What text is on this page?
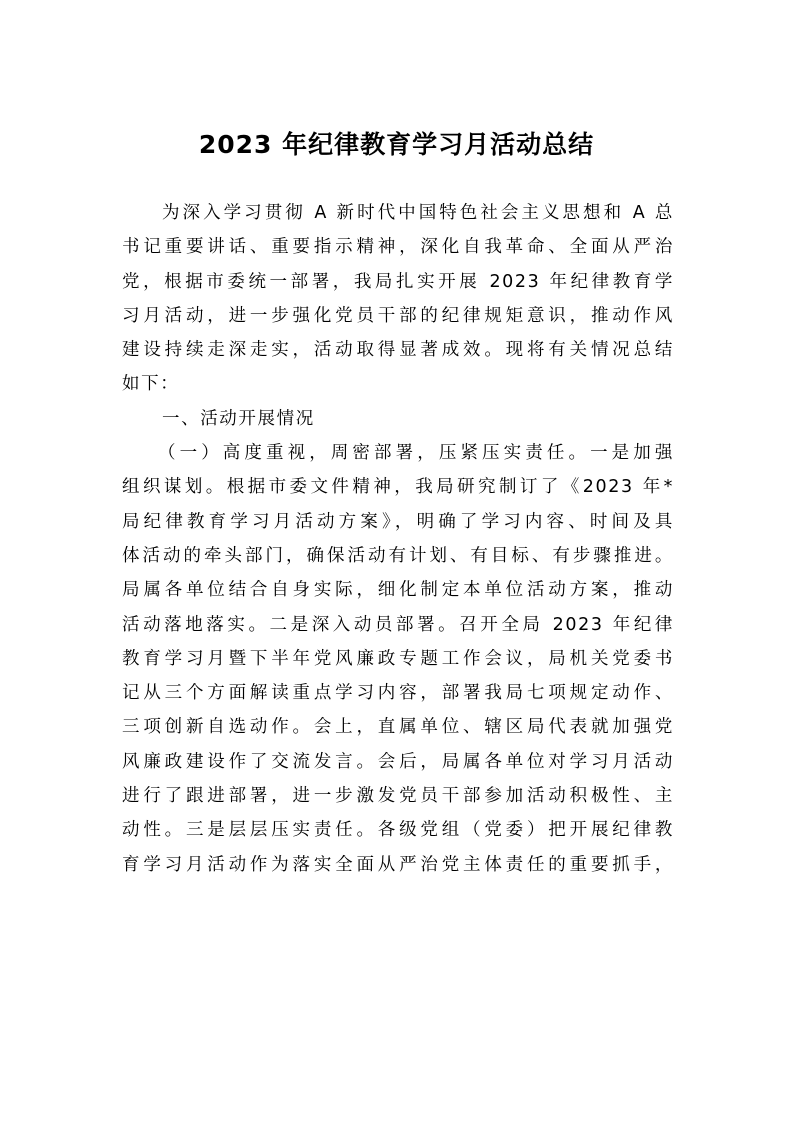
2023 年纪律教育学习月活动总结
为深入学习贯彻 A 新时代中国特色社会主义思想和 A 总
书记重要讲话、重要指示精神，深化自我革命、全面从严治
党，根据市委统一部署，我局扎实开展 2023 年纪律教育学
习月活动，进一步强化党员干部的纪律规矩意识，推动作风
建设持续走深走实，活动取得显著成效。现将有关情况总结
如下：
一、活动开展情况
（一）高度重视，周密部署，压紧压实责任。一是加强
组织谋划。根据市委文件精神，我局研究制订了《2023 年*
局纪律教育学习月活动方案》，明确了学习内容、时间及具
体活动的牵头部门，确保活动有计划、有目标、有步骤推进。
局属各单位结合自身实际，细化制定本单位活动方案，推动
活动落地落实。二是深入动员部署。召开全局 2023 年纪律
教育学习月暨下半年党风廉政专题工作会议，局机关党委书
记从三个方面解读重点学习内容，部署我局七项规定动作、
三项创新自选动作。会上，直属单位、辖区局代表就加强党
风廉政建设作了交流发言。会后，局属各单位对学习月活动
进行了跟进部署，进一步激发党员干部参加活动积极性、主
动性。三是层层压实责任。各级党组（党委）把开展纪律教
育学习月活动作为落实全面从严治党主体责任的重要抓手，
